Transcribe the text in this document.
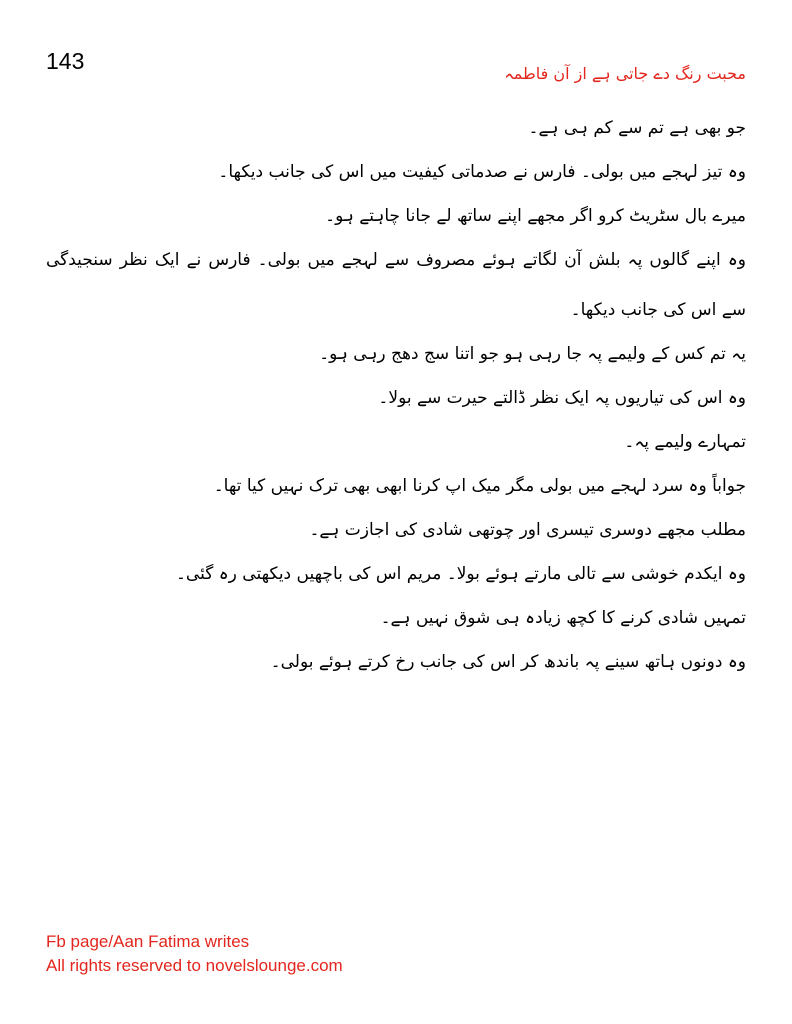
143	محبت رنگ دے جاتی ہے از آن فاطمہ

جو بھی ہے تم سے کم ہی ہے۔

وہ تیز لہجے میں بولی۔ فارس نے صدماتی کیفیت میں اس کی جانب دیکھا۔

میرے بال سٹریٹ کرو اگر مجھے اپنے ساتھ لے جانا چاہتے ہو۔

وہ اپنے گالوں پہ بلش آن لگاتے ہوئے مصروف سے لہجے میں بولی۔ فارس نے ایک نظر سنجیدگی سے اس کی جانب دیکھا۔

یہ تم کس کے ولیمے پہ جا رہی ہو جو اتنا سج دھج رہی ہو۔

وہ اس کی تیاریوں پہ ایک نظر ڈالتے حیرت سے بولا۔

تمہارے ولیمے پہ۔

جواباً وہ سرد لہجے میں بولی مگر میک اپ کرنا ابھی بھی ترک نہیں کیا تھا۔

مطلب مجھے دوسری تیسری اور چوتھی شادی کی اجازت ہے۔

وہ ایکدم خوشی سے تالی مارتے ہوئے بولا۔ مریم اس کی باچھیں دیکھتی رہ گئی۔

تمہیں شادی کرنے کا کچھ زیادہ ہی شوق نہیں ہے۔

وہ دونوں ہاتھ سینے پہ باندھ کر اس کی جانب رخ کرتے ہوئے بولی۔

Fb page/Aan Fatima writes
All rights reserved to novelslounge.com
